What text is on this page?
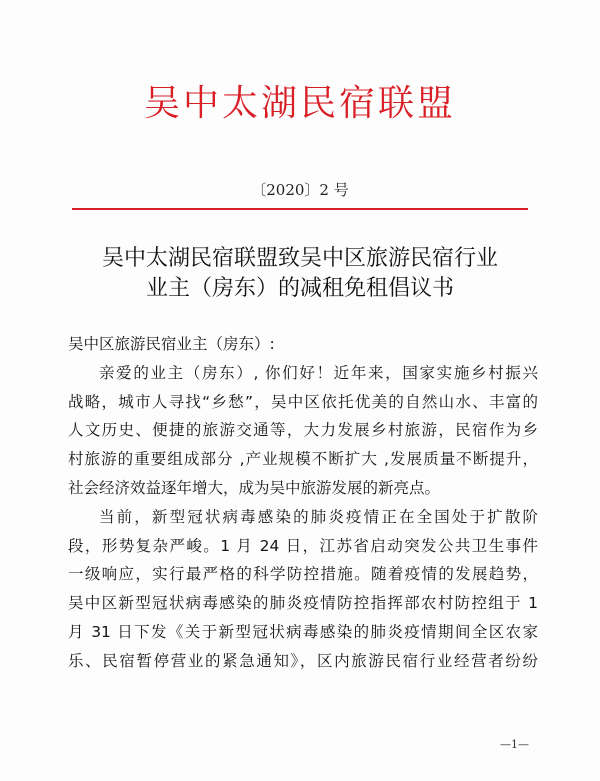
吴中太湖民宿联盟
〔2020〕2 号
吴中太湖民宿联盟致吴中区旅游民宿行业
业主（房东）的减租免租倡议书
吴中区旅游民宿业主（房东）:
亲爱的业主（房东）, 你们好！近年来，国家实施乡村振兴
战略，城市人寻找“乡愁”，吴中区依托优美的自然山水、丰富的
人文历史、便捷的旅游交通等，大力发展乡村旅游，民宿作为乡
村旅游的重要组成部分 ,产业规模不断扩大 ,发展质量不断提升，
社会经济效益逐年增大，成为吴中旅游发展的新亮点。
当前，新型冠状病毒感染的肺炎疫情正在全国处于扩散阶
段，形势复杂严峻。1 月 24 日，江苏省启动突发公共卫生事件
一级响应，实行最严格的科学防控措施。随着疫情的发展趋势，
吴中区新型冠状病毒感染的肺炎疫情防控指挥部农村防控组于 1
月 31 日下发《关于新型冠状病毒感染的肺炎疫情期间全区农家
乐、民宿暂停营业的紧急通知》，区内旅游民宿行业经营者纷纷
—1—
